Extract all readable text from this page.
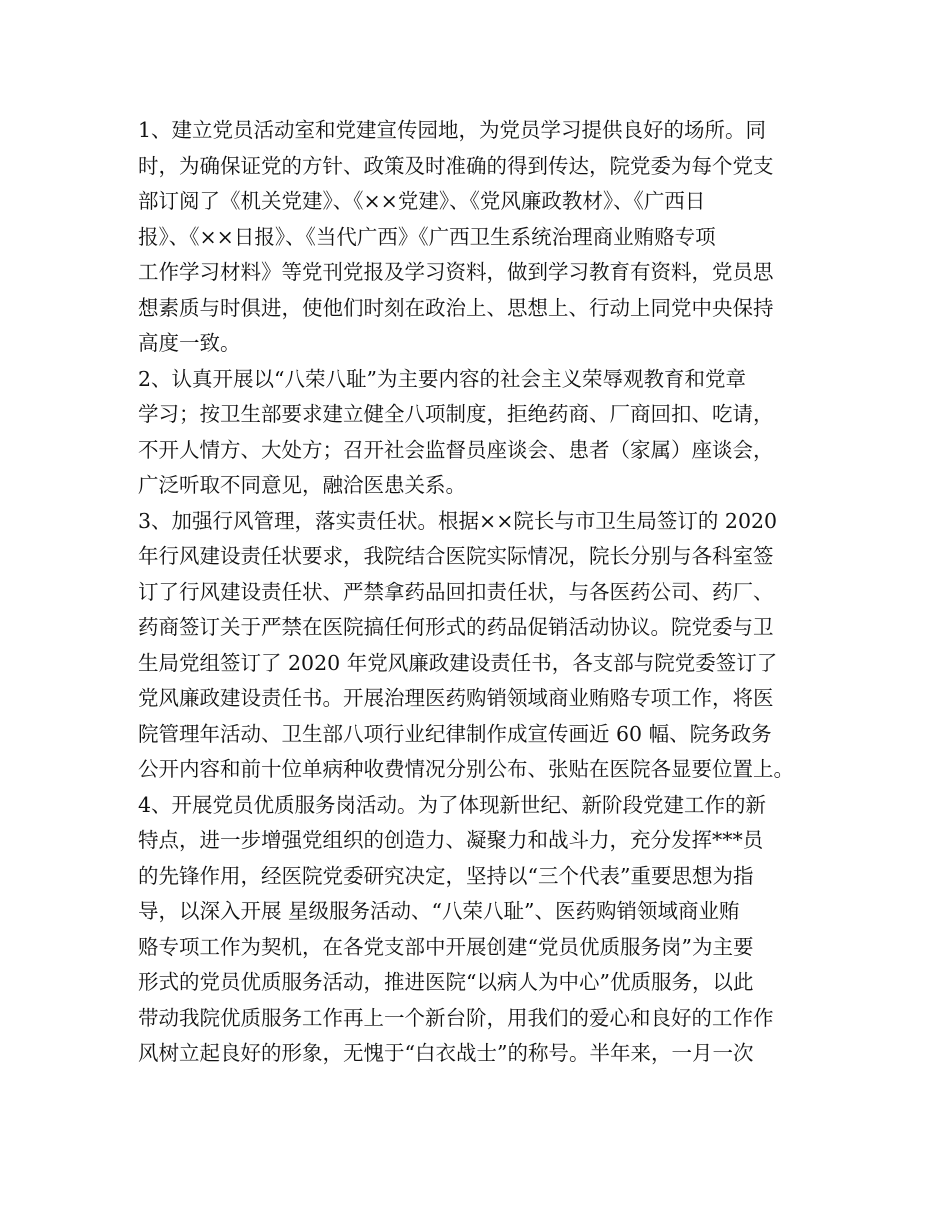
1、建立党员活动室和党建宣传园地，为党员学习提供良好的场所。同
时，为确保证党的方针、政策及时准确的得到传达，院党委为每个党支
部订阅了《机关党建》、《××党建》、《党风廉政教材》、《广西日
报》、《××日报》、《当代广西》《广西卫生系统治理商业贿赂专项
工作学习材料》等党刊党报及学习资料，做到学习教育有资料，党员思
想素质与时俱进，使他们时刻在政治上、思想上、行动上同党中央保持
高度一致。
2、认真开展以“八荣八耻”为主要内容的社会主义荣辱观教育和党章
学习；按卫生部要求建立健全八项制度，拒绝药商、厂商回扣、吃请，
不开人情方、大处方；召开社会监督员座谈会、患者（家属）座谈会，
广泛听取不同意见，融洽医患关系。
3、加强行风管理，落实责任状。根据××院长与市卫生局签订的 2020
年行风建设责任状要求，我院结合医院实际情况，院长分别与各科室签
订了行风建设责任状、严禁拿药品回扣责任状，与各医药公司、药厂、
药商签订关于严禁在医院搞任何形式的药品促销活动协议。院党委与卫
生局党组签订了 2020 年党风廉政建设责任书，各支部与院党委签订了
党风廉政建设责任书。开展治理医药购销领域商业贿赂专项工作，将医
院管理年活动、卫生部八项行业纪律制作成宣传画近 60 幅、院务政务
公开内容和前十位单病种收费情况分别公布、张贴在医院各显要位置上。
4、开展党员优质服务岗活动。为了体现新世纪、新阶段党建工作的新
特点，进一步增强党组织的创造力、凝聚力和战斗力，充分发挥***员
的先锋作用，经医院党委研究决定，坚持以“三个代表”重要思想为指
导，以深入开展 星级服务活动、“八荣八耻”、医药购销领域商业贿
赂专项工作为契机，在各党支部中开展创建“党员优质服务岗”为主要
形式的党员优质服务活动，推进医院“以病人为中心”优质服务，以此
带动我院优质服务工作再上一个新台阶，用我们的爱心和良好的工作作
风树立起良好的形象，无愧于“白衣战士”的称号。半年来，一月一次
